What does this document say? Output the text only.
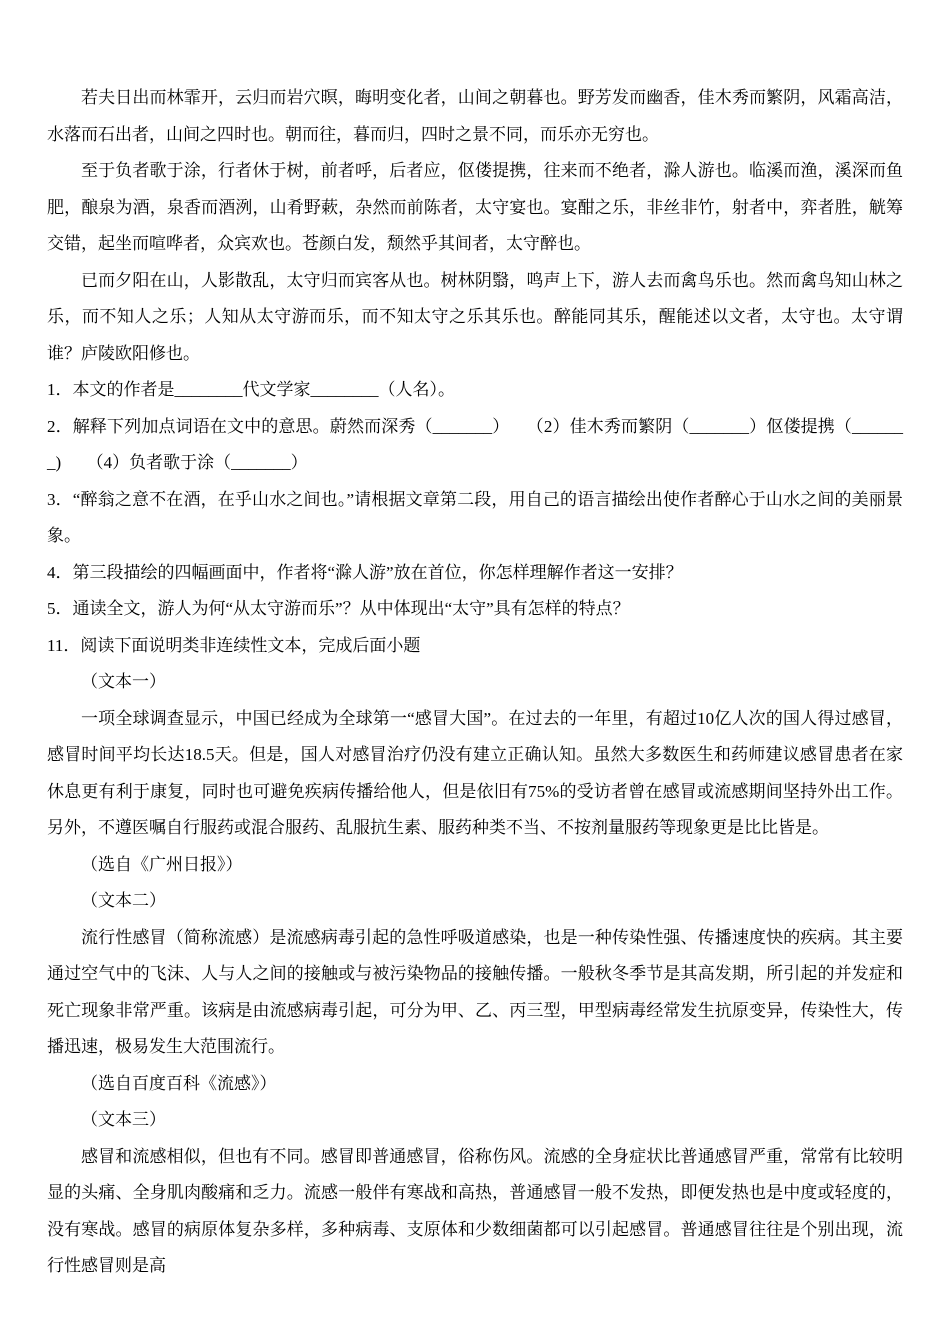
若夫日出而林霏开，云归而岩穴暝，晦明变化者，山间之朝暮也。野芳发而幽香，佳木秀而繁阴，风霜高洁，水落而石出者，山间之四时也。朝而往，暮而归，四时之景不同，而乐亦无穷也。

至于负者歌于涂，行者休于树，前者呼，后者应，伛偻提携，往来而不绝者，滁人游也。临溪而渔，溪深而鱼肥，酿泉为酒，泉香而酒洌，山肴野蔌，杂然而前陈者，太守宴也。宴酣之乐，非丝非竹，射者中，弈者胜，觥筹交错，起坐而喧哗者，众宾欢也。苍颜白发，颓然乎其间者，太守醉也。

已而夕阳在山，人影散乱，太守归而宾客从也。树林阴翳，鸣声上下，游人去而禽鸟乐也。然而禽鸟知山林之乐，而不知人之乐；人知从太守游而乐，而不知太守之乐其乐也。醉能同其乐，醒能述以文者，太守也。太守谓谁？庐陵欧阳修也。

1．本文的作者是________代文学家________（人名）。

2．解释下列加点词语在文中的意思。蔚然而深秀（_______）　　（2）佳木秀而繁阴（_______）伛偻提携（______ _)　　（4）负者歌于涂（_______）

3．“醉翁之意不在酒，在乎山水之间也。”请根据文章第二段，用自己的语言描绘出使作者醉心于山水之间的美丽景象。

4．第三段描绘的四幅画面中，作者将“滁人游”放在首位，你怎样理解作者这一安排？

5．通读全文，游人为何“从太守游而乐”？从中体现出“太守”具有怎样的特点？

11．阅读下面说明类非连续性文本，完成后面小题

（文本一）

一项全球调查显示，中国已经成为全球第一“感冒大国”。在过去的一年里，有超过10亿人次的国人得过感冒，感冒时间平均长达18.5天。但是，国人对感冒治疗仍没有建立正确认知。虽然大多数医生和药师建议感冒患者在家休息更有利于康复，同时也可避免疾病传播给他人，但是依旧有75%的受访者曾在感冒或流感期间坚持外出工作。另外，不遵医嘱自行服药或混合服药、乱服抗生素、服药种类不当、不按剂量服药等现象更是比比皆是。

（选自《广州日报》）

（文本二）

流行性感冒（简称流感）是流感病毒引起的急性呼吸道感染，也是一种传染性强、传播速度快的疾病。其主要通过空气中的飞沫、人与人之间的接触或与被污染物品的接触传播。一般秋冬季节是其高发期，所引起的并发症和死亡现象非常严重。该病是由流感病毒引起，可分为甲、乙、丙三型，甲型病毒经常发生抗原变异，传染性大，传播迅速，极易发生大范围流行。

（选自百度百科《流感》）

（文本三）

感冒和流感相似，但也有不同。感冒即普通感冒，俗称伤风。流感的全身症状比普通感冒严重，常常有比较明显的头痛、全身肌肉酸痛和乏力。流感一般伴有寒战和高热，普通感冒一般不发热，即便发热也是中度或轻度的，没有寒战。感冒的病原体复杂多样，多种病毒、支原体和少数细菌都可以引起感冒。普通感冒往往是个别出现，流行性感冒则是高
